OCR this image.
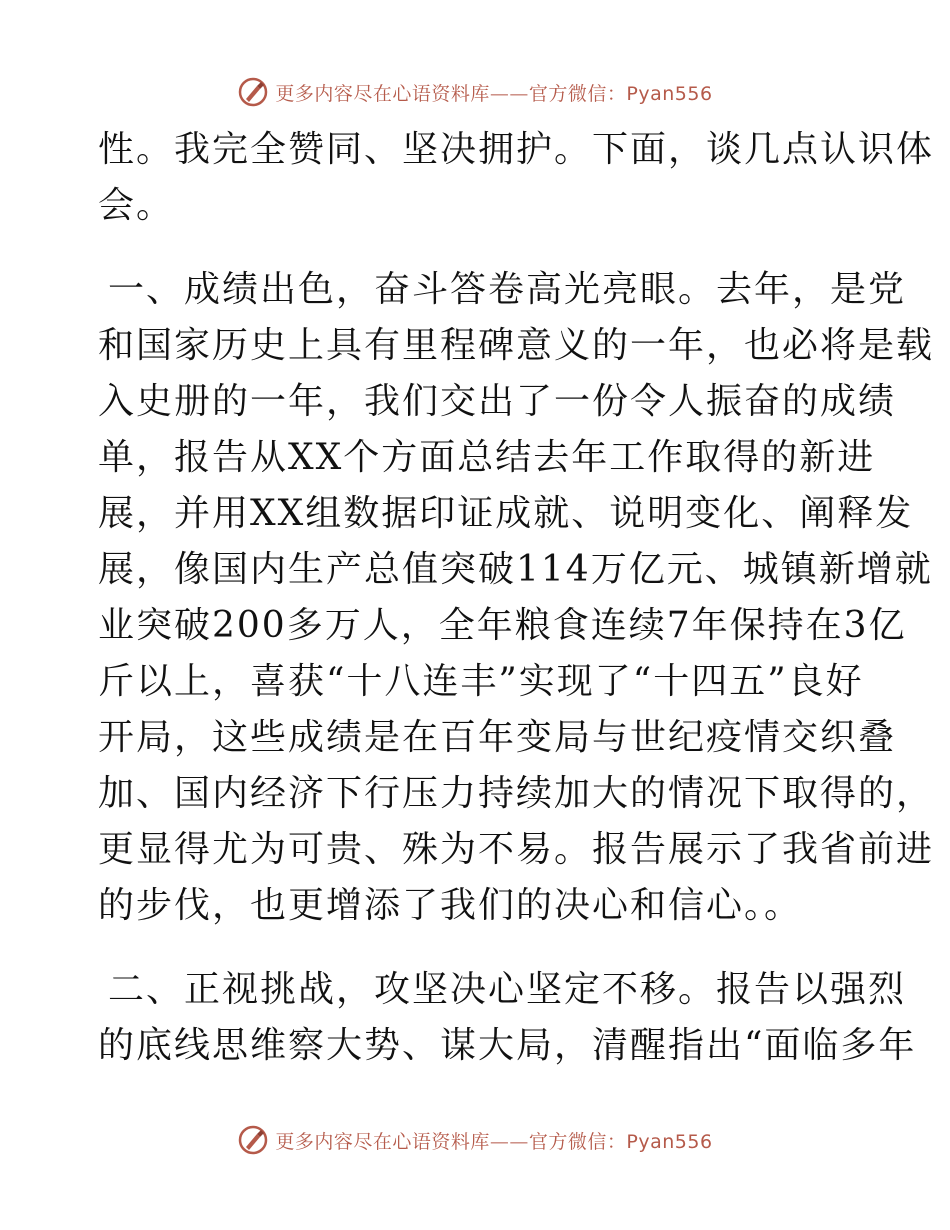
更多内容尽在心语资料库——官方微信：Pyan556
性。我完全赞同、坚决拥护。下面，谈几点认识体
会。
一、成绩出色，奋斗答卷高光亮眼。去年，是党
和国家历史上具有里程碑意义的一年，也必将是载
入史册的一年，我们交出了一份令人振奋的成绩
单，报告从XX个方面总结去年工作取得的新进
展，并用XX组数据印证成就、说明变化、阐释发
展，像国内生产总值突破114万亿元、城镇新增就
业突破200多万人，全年粮食连续7年保持在3亿
斤以上，喜获“十八连丰”实现了“十四五”良好
开局，这些成绩是在百年变局与世纪疫情交织叠
加、国内经济下行压力持续加大的情况下取得的，
更显得尤为可贵、殊为不易。报告展示了我省前进
的步伐，也更增添了我们的决心和信心。。
二、正视挑战，攻坚决心坚定不移。报告以强烈
的底线思维察大势、谋大局，清醒指出“面临多年
更多内容尽在心语资料库——官方微信：Pyan556
